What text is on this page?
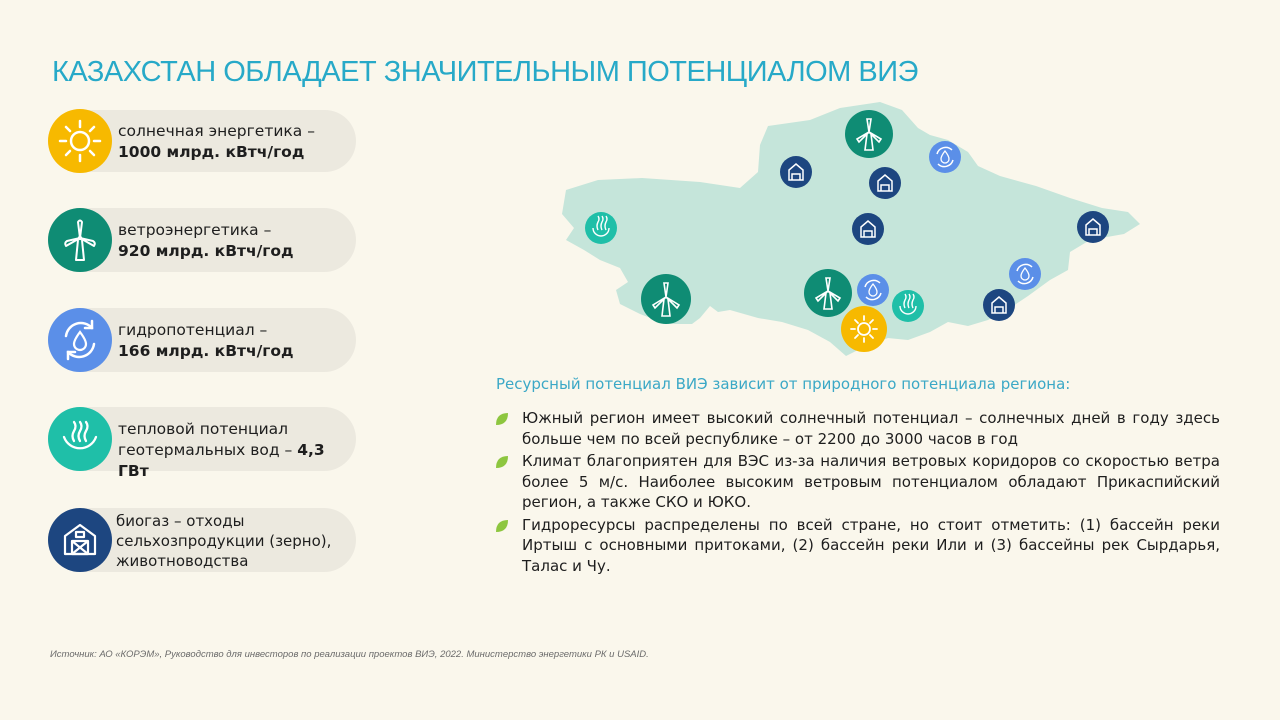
КАЗАХСТАН ОБЛАДАЕТ ЗНАЧИТЕЛЬНЫМ ПОТЕНЦИАЛОМ ВИЭ
солнечная энергетика –
1000 млрд. кВтч/год
ветроэнергетика –
920 млрд. кВтч/год
гидропотенциал –
166 млрд. кВтч/год
тепловой потенциал геотермальных вод – 4,3 ГВт
биогаз – отходы сельхозпродукции (зерно), животноводства
Ресурсный потенциал ВИЭ зависит от природного потенциала региона:
Южный регион имеет высокий солнечный потенциал – солнечных дней в году здесь больше чем по всей республике – от 2200 до 3000 часов в год
Климат благоприятен для ВЭС из-за наличия ветровых коридоров со скоростью ветра более 5 м/с. Наиболее высоким ветровым потенциалом обладают Прикаспийский регион, а также СКО и ЮКО.
Гидроресурсы распределены по всей стране, но стоит отметить: (1) бассейн реки Иртыш с основными притоками, (2) бассейн реки Или и (3) бассейны рек Сырдарья, Талас и Чу.
Источник: АО «КОРЭМ», Руководство для инвесторов по реализации проектов ВИЭ, 2022. Министерство энергетики РК и USAID.
